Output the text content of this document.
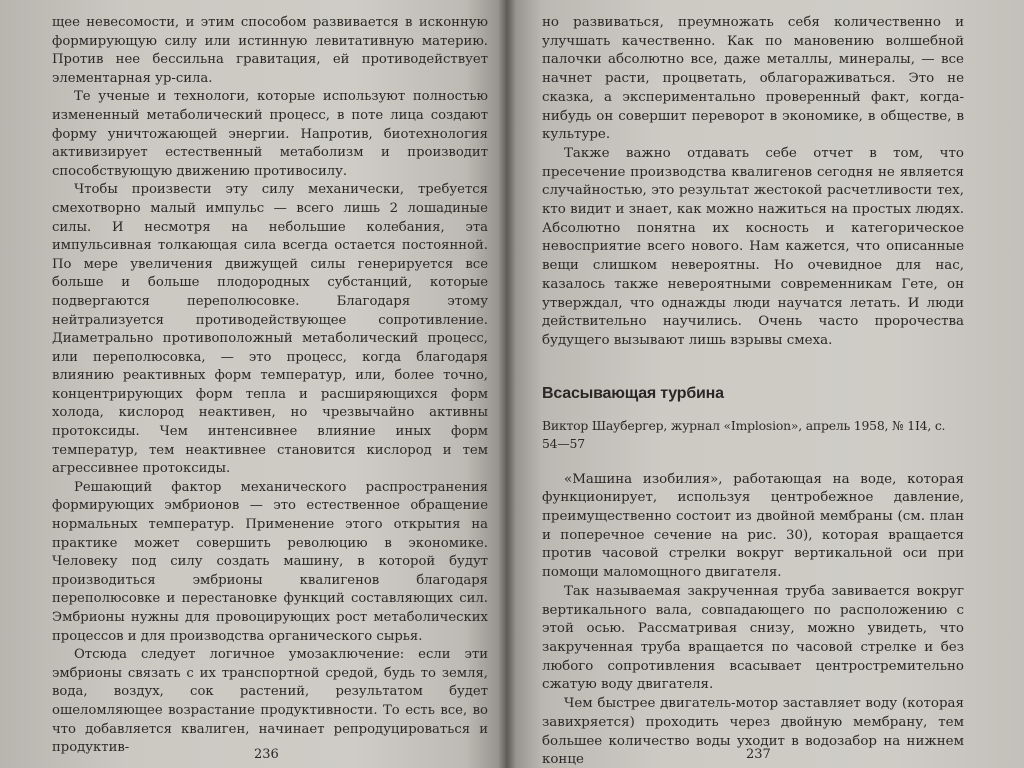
щее невесомости, и этим способом развивается в исконную формирующую силу или истинную левитативную материю. Против нее бессильна гравитация, ей противодействует элементарная ур-сила.

Те ученые и технологи, которые используют полностью измененный метаболический процесс, в поте лица создают форму уничтожающей энергии. Напротив, биотехнология активизирует естественный метаболизм и производит способствующую движению противосилу.

Чтобы произвести эту силу механически, требуется смехотворно малый импульс — всего лишь 2 лошадиные силы. И несмотря на небольшие колебания, эта импульсивная толкающая сила всегда остается постоянной. По мере увеличения движущей силы генерируется все больше и больше плодородных субстанций, которые подвергаются переполюсовке. Благодаря этому нейтрализуется противодействующее сопротивление. Диаметрально противоположный метаболический процесс, или переполюсовка, — это процесс, когда благодаря влиянию реактивных форм температур, или, более точно, концентрирующих форм тепла и расширяющихся форм холода, кислород неактивен, но чрезвычайно активны протоксиды. Чем интенсивнее влияние иных форм температур, тем неактивнее становится кислород и тем агрессивнее протоксиды.

Решающий фактор механического распространения формирующих эмбрионов — это естественное обращение нормальных температур. Применение этого открытия на практике может совершить революцию в экономике. Человеку под силу создать машину, в которой будут производиться эмбрионы квалигенов благодаря переполюсовке и перестановке функций составляющих сил. Эмбрионы нужны для провоцирующих рост метаболических процессов и для производства органического сырья.

Отсюда следует логичное умозаключение: если эти эмбрионы связать с их транспортной средой, будь то земля, вода, воздух, сок растений, результатом будет ошеломляющее возрастание продуктивности. То есть все, во что добавляется квалиген, начинает репродуцироваться и продуктив-	236

но развиваться, преумножать себя количественно и улучшать качественно. Как по мановению волшебной палочки абсолютно все, даже металлы, минералы, — все начнет расти, процветать, облагораживаться. Это не сказка, а экспериментально проверенный факт, когда-нибудь он совершит переворот в экономике, в обществе, в культуре.

Также важно отдавать себе отчет в том, что пресечение производства квалигенов сегодня не является случайностью, это результат жестокой расчетливости тех, кто видит и знает, как можно нажиться на простых людях. Абсолютно понятна их косность и категорическое невосприятие всего нового. Нам кажется, что описанные вещи слишком невероятны. Но очевидное для нас, казалось также невероятными современникам Гете, он утверждал, что однажды люди научатся летать. И люди действительно научились. Очень часто пророчества будущего вызывают лишь взрывы смеха.

Всасывающая турбина
Виктор Шаубергер, журнал «Implosion», апрель 1958, № 1I4, с. 54—57

«Машина изобилия», работающая на воде, которая функционирует, используя центробежное давление, преимущественно состоит из двойной мембраны (см. план и поперечное сечение на рис. 30), которая вращается против часовой стрелки вокруг вертикальной оси при помощи маломощного двигателя.

Так называемая закрученная труба завивается вокруг вертикального вала, совпадающего по расположению с этой осью. Рассматривая снизу, можно увидеть, что закрученная труба вращается по часовой стрелке и без любого сопротивления всасывает центростремительно сжатую воду двигателя.

Чем быстрее двигатель-мотор заставляет воду (которая завихряется) проходить через двойную мембрану, тем большее количество воды уходит в водозабор на нижнем конце	237
